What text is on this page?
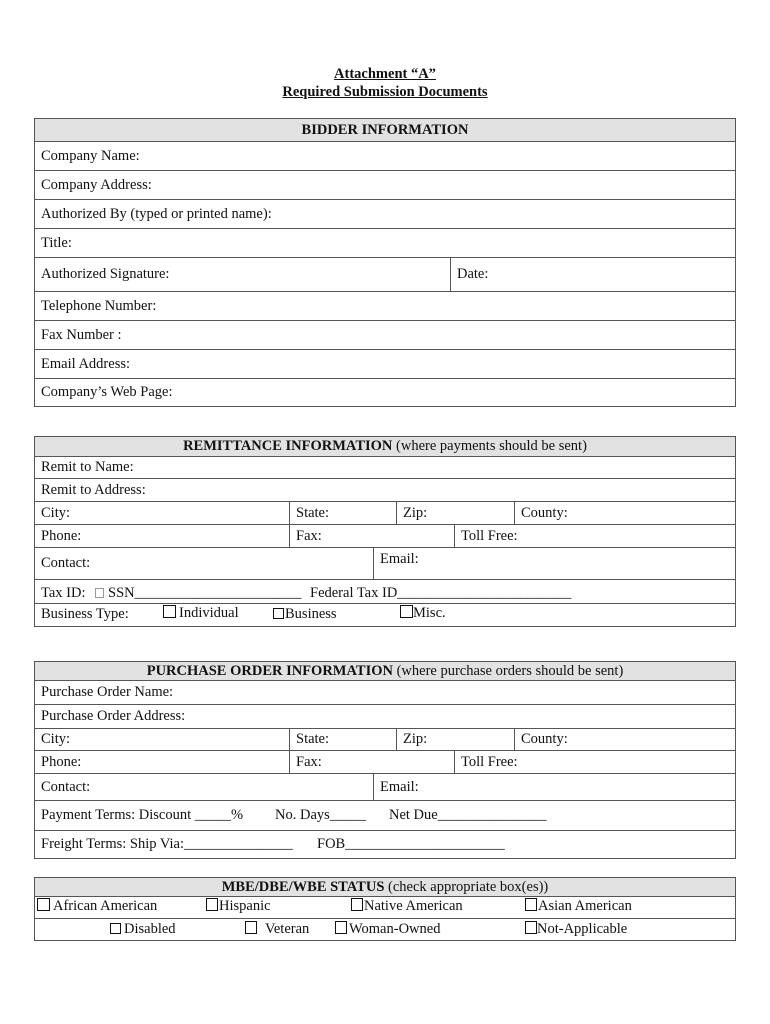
Attachment “A”
Required Submission Documents
BIDDER INFORMATION
Company Name:
Company Address:
Authorized By (typed or printed name):
Title:
Authorized Signature:	Date:
Telephone Number:
Fax Number :
Email Address:
Company’s Web Page:
REMITTANCE INFORMATION (where payments should be sent)
Remit to Name:
Remit to Address:
City:	State:	Zip:	County:
Phone:	Fax:	Toll Free:
Contact:	Email:
Tax ID: SSN_______________________ Federal Tax ID________________________
Business Type:	Individual	Business	Misc.
PURCHASE ORDER INFORMATION (where purchase orders should be sent)
Purchase Order Name:
Purchase Order Address:
City:	State:	Zip:	County:
Phone:	Fax:	Toll Free:
Contact:	Email:
Payment Terms: Discount _____% No. Days_____ Net Due_______________
Freight Terms: Ship Via:_______________ FOB______________________
MBE/DBE/WBE STATUS (check appropriate box(es))
African American	Hispanic	Native American	Asian American
Disabled	Veteran	Woman-Owned	Not-Applicable
